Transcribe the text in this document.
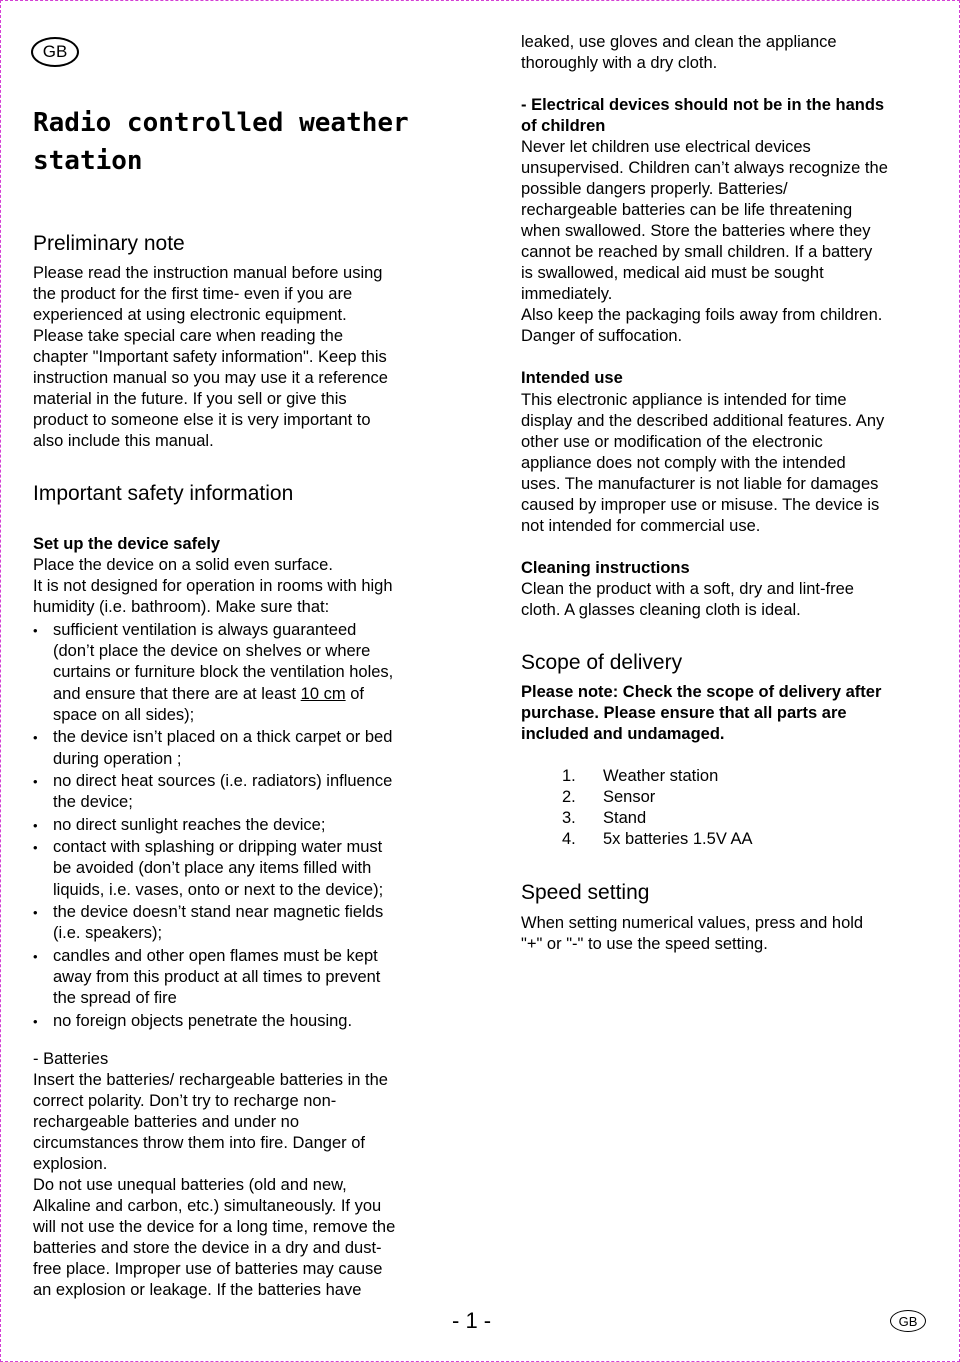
GB
Radio controlled weather station
Preliminary note
Please read the instruction manual before using
the product for the first time- even if you are
experienced at using electronic equipment.
Please take special care when reading the
chapter "Important safety information". Keep this
instruction manual so you may use it a reference
material in the future. If you sell or give this
product to someone else it is very important to
also include this manual.
Important safety information
Set up the device safely
Place the device on a solid even surface.
It is not designed for operation in rooms with high
humidity (i.e. bathroom). Make sure that:
• sufficient ventilation is always guaranteed
(don’t place the device on shelves or where
curtains or furniture block the ventilation holes,
and ensure that there are at least 10 cm of
space on all sides);
• the device isn’t placed on a thick carpet or bed
during operation ;
• no direct heat sources (i.e. radiators) influence
the device;
• no direct sunlight reaches the device;
• contact with splashing or dripping water must
be avoided (don’t place any items filled with
liquids, i.e. vases, onto or next to the device);
• the device doesn’t stand near magnetic fields
(i.e. speakers);
• candles and other open flames must be kept
away from this product at all times to prevent
the spread of fire
• no foreign objects penetrate the housing.
- Batteries
Insert the batteries/ rechargeable batteries in the
correct polarity. Don’t try to recharge non-
rechargeable batteries and under no
circumstances throw them into fire. Danger of
explosion.
Do not use unequal batteries (old and new,
Alkaline and carbon, etc.) simultaneously. If you
will not use the device for a long time, remove the
batteries and store the device in a dry and dust-
free place. Improper use of batteries may cause
an explosion or leakage. If the batteries have
leaked, use gloves and clean the appliance
thoroughly with a dry cloth.
- Electrical devices should not be in the hands
of children
Never let children use electrical devices
unsupervised. Children can’t always recognize the
possible dangers properly. Batteries/
rechargeable batteries can be life threatening
when swallowed. Store the batteries where they
cannot be reached by small children. If a battery
is swallowed, medical aid must be sought
immediately.
Also keep the packaging foils away from children.
Danger of suffocation.
Intended use
This electronic appliance is intended for time
display and the described additional features. Any
other use or modification of the electronic
appliance does not comply with the intended
uses. The manufacturer is not liable for damages
caused by improper use or misuse. The device is
not intended for commercial use.
Cleaning instructions
Clean the product with a soft, dry and lint-free
cloth. A glasses cleaning cloth is ideal.
Scope of delivery
Please note: Check the scope of delivery after
purchase. Please ensure that all parts are
included and undamaged.
1.	Weather station
2.	Sensor
3.	Stand
4.	5x batteries 1.5V AA
Speed setting
When setting numerical values, press and hold
"+" or "-" to use the speed setting.
- 1 -	GB
